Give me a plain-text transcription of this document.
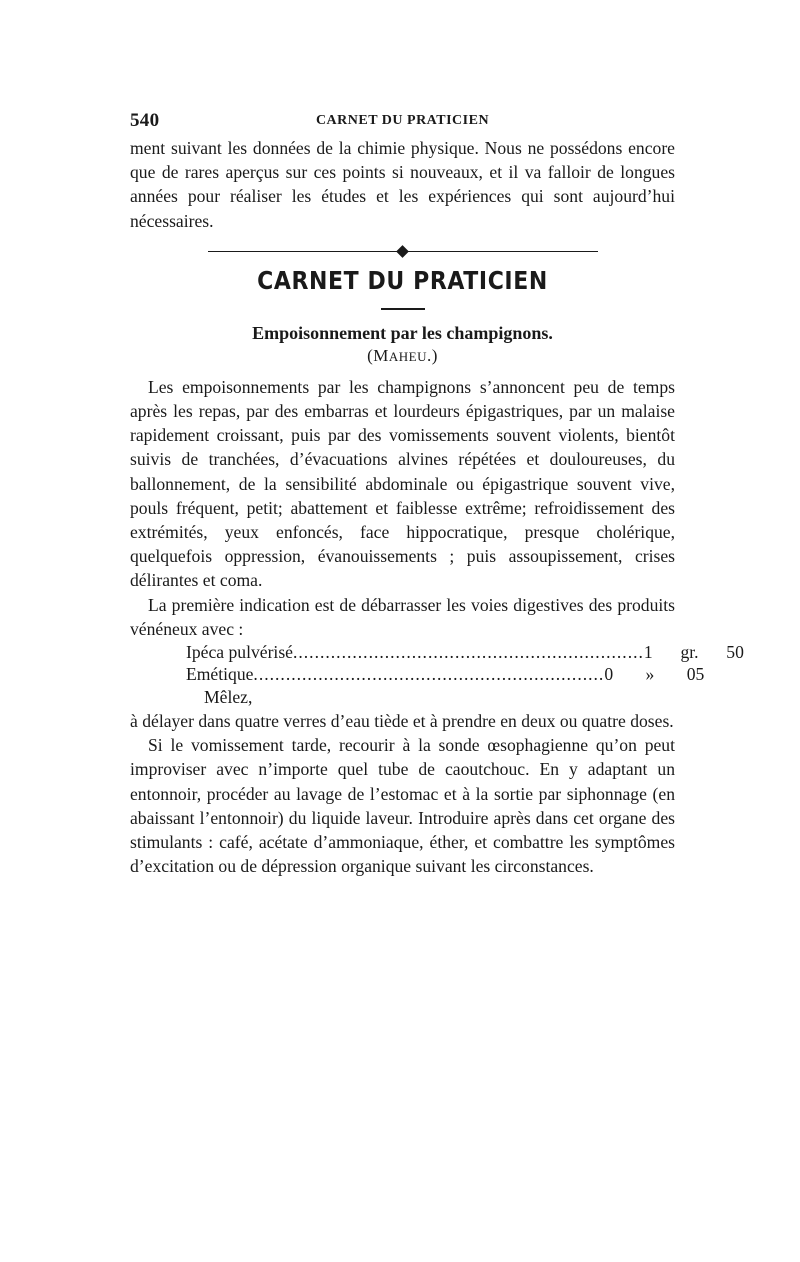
540	CARNET DU PRATICIEN

ment suivant les données de la chimie physique. Nous ne possédons encore que de rares aperçus sur ces points si nouveaux, et il va falloir de longues années pour réaliser les études et les expériences qui sont aujourd’hui nécessaires.

CARNET DU PRATICIEN
Empoisonnement par les champignons.
(MAHEU.)

Les empoisonnements par les champignons s’annoncent peu de temps après les repas, par des embarras et lourdeurs épigastriques, par un malaise rapidement croissant, puis par des vomissements souvent violents, bientôt suivis de tranchées, d’évacuations alvines répétées et douloureuses, du ballonnement, de la sensibilité abdominale ou épigastrique souvent vive, pouls fréquent, petit; abattement et faiblesse extrême; refroidissement des extrémités, yeux enfoncés, face hippocratique, presque cholérique, quelquefois oppression, évanouissements ; puis assoupissement, crises délirantes et coma.

La première indication est de débarrasser les voies digestives des produits vénéneux avec :

Ipéca pulvérisé ................................................................. 1 gr. 50
Emétique ................................................................. 0 » 05
Mêlez,

à délayer dans quatre verres d’eau tiède et à prendre en deux ou quatre doses.

Si le vomissement tarde, recourir à la sonde œsophagienne qu’on peut improviser avec n’importe quel tube de caoutchouc. En y adaptant un entonnoir, procéder au lavage de l’estomac et à la sortie par siphonnage (en abaissant l’entonnoir) du liquide laveur. Introduire après dans cet organe des stimulants : café, acétate d’ammoniaque, éther, et combattre les symptômes d’excitation ou de dépression organique suivant les circonstances.
